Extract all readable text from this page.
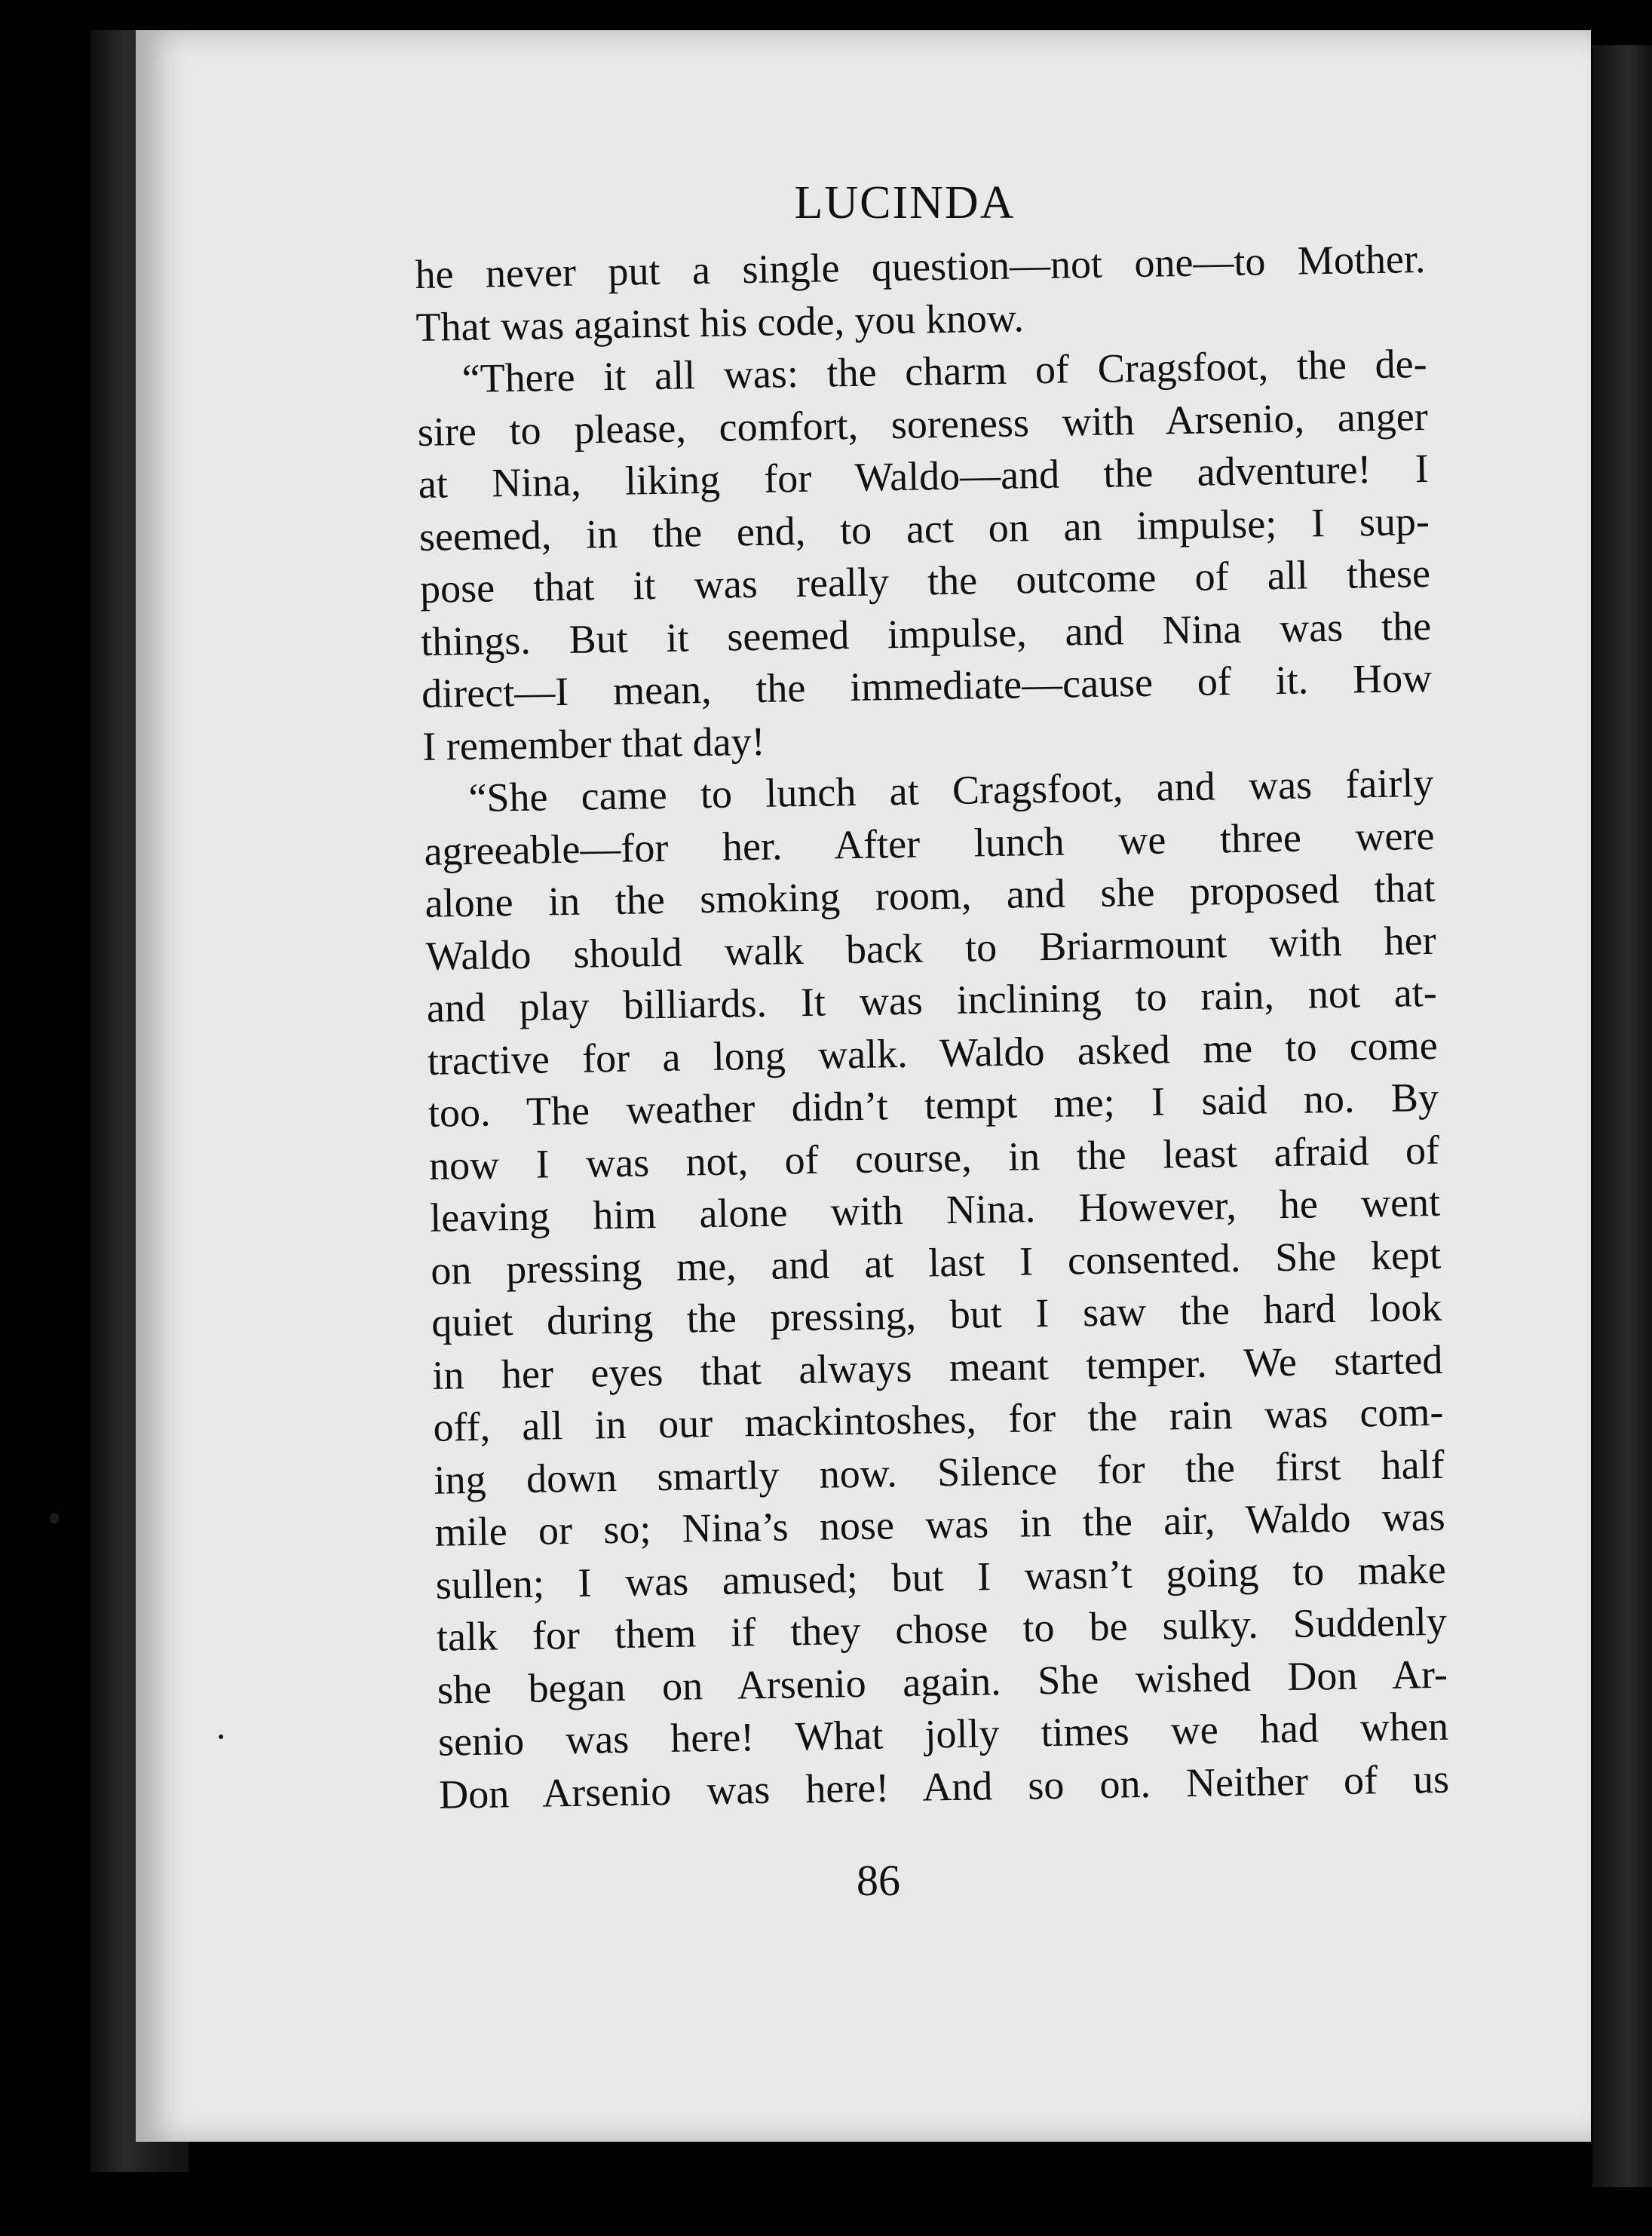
LUCINDA
he never put a single question—not one—to Mother.
That was against his code, you know.
“There it all was: the charm of Cragsfoot, the de-
sire to please, comfort, soreness with Arsenio, anger
at Nina, liking for Waldo—and the adventure! I
seemed, in the end, to act on an impulse; I sup-
pose that it was really the outcome of all these
things. But it seemed impulse, and Nina was the
direct—I mean, the immediate—cause of it. How
I remember that day!
“She came to lunch at Cragsfoot, and was fairly
agreeable—for her. After lunch we three were
alone in the smoking room, and she proposed that
Waldo should walk back to Briarmount with her
and play billiards. It was inclining to rain, not at-
tractive for a long walk. Waldo asked me to come
too. The weather didn’t tempt me; I said no. By
now I was not, of course, in the least afraid of
leaving him alone with Nina. However, he went
on pressing me, and at last I consented. She kept
quiet during the pressing, but I saw the hard look
in her eyes that always meant temper. We started
off, all in our mackintoshes, for the rain was com-
ing down smartly now. Silence for the first half
mile or so; Nina’s nose was in the air, Waldo was
sullen; I was amused; but I wasn’t going to make
talk for them if they chose to be sulky. Suddenly
she began on Arsenio again. She wished Don Ar-
senio was here! What jolly times we had when
Don Arsenio was here! And so on. Neither of us
86
